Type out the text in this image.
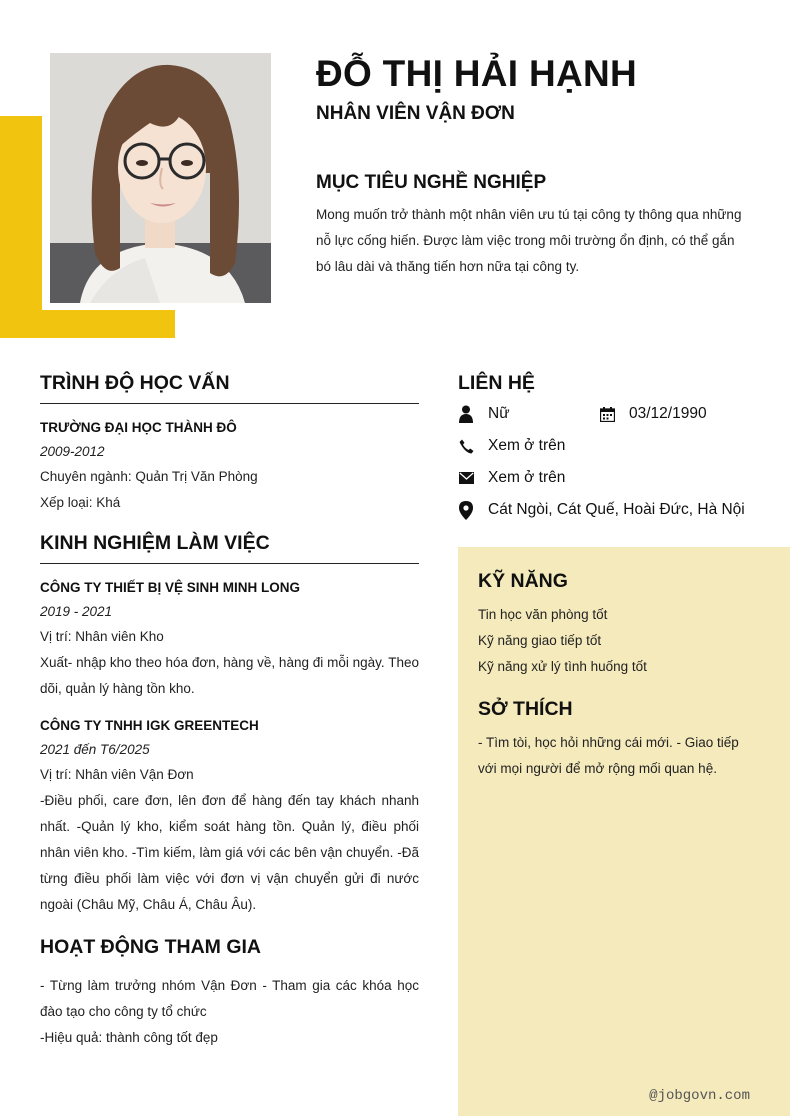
ĐỖ THỊ HẢI HẠNH
NHÂN VIÊN VẬN ĐƠN
MỤC TIÊU NGHỀ NGHIỆP
Mong muốn trở thành một nhân viên ưu tú tại công ty thông qua những nỗ lực cống hiến. Được làm việc trong môi trường ổn định, có thể gắn bó lâu dài và thăng tiến hơn nữa tại công ty.
TRÌNH ĐỘ HỌC VẤN
TRƯỜNG ĐẠI HỌC THÀNH ĐÔ
2009-2012
Chuyên ngành: Quản Trị Văn Phòng
Xếp loại: Khá
KINH NGHIỆM LÀM VIỆC
CÔNG TY THIẾT BỊ VỆ SINH MINH LONG
2019 - 2021
Vị trí: Nhân viên Kho
Xuất- nhập kho theo hóa đơn, hàng về, hàng đi mỗi ngày. Theo dõi, quản lý hàng tồn kho.
CÔNG TY TNHH IGK GREENTECH
2021 đến T6/2025
Vị trí: Nhân viên Vận Đơn
-Điều phối, care đơn, lên đơn để hàng đến tay khách nhanh nhất. -Quản lý kho, kiểm soát hàng tồn. Quản lý, điều phối nhân viên kho. -Tìm kiếm, làm giá với các bên vận chuyển. -Đã từng điều phối làm việc với đơn vị vận chuyển gửi đi nước ngoài (Châu Mỹ, Châu Á, Châu Âu).
HOẠT ĐỘNG THAM GIA
- Từng làm trưởng nhóm Vận Đơn - Tham gia các khóa học đào tạo cho công ty tổ chức
-Hiệu quả: thành công tốt đẹp
LIÊN HỆ
Nữ	03/12/1990
Xem ở trên
Xem ở trên
Cát Ngòi, Cát Quế, Hoài Đức, Hà Nội
KỸ NĂNG
Tin học văn phòng tốt
Kỹ năng giao tiếp tốt
Kỹ năng xử lý tình huống tốt
SỞ THÍCH
- Tìm tòi, học hỏi những cái mới. - Giao tiếp với mọi người để mở rộng mối quan hệ.
@jobgovn.com
